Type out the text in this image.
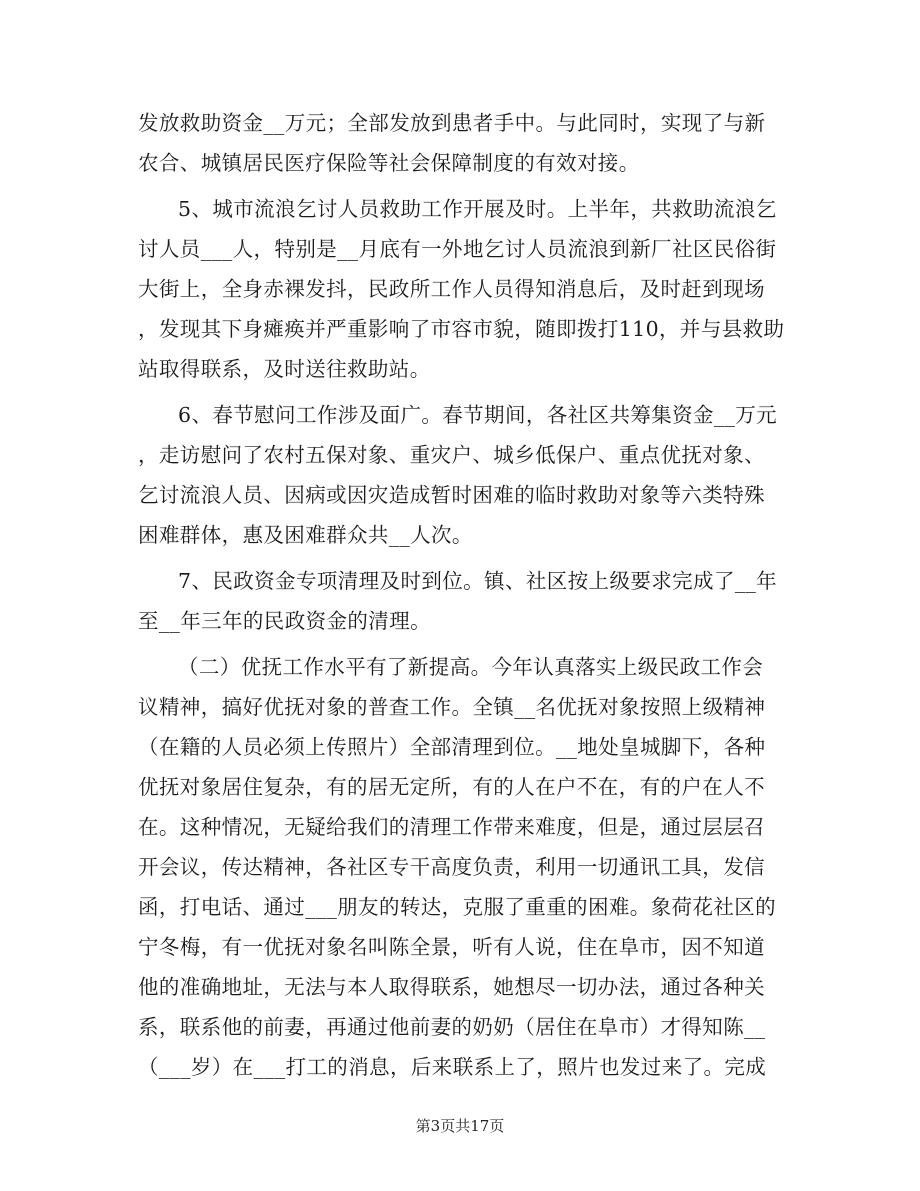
发放救助资金__万元；全部发放到患者手中。与此同时，实现了与新
农合、城镇居民医疗保险等社会保障制度的有效对接。
5、城市流浪乞讨人员救助工作开展及时。上半年，共救助流浪乞
讨人员___人，特别是__月底有一外地乞讨人员流浪到新厂社区民俗街
大街上，全身赤裸发抖，民政所工作人员得知消息后，及时赶到现场
，发现其下身瘫痪并严重影响了市容市貌，随即拨打110，并与县救助
站取得联系，及时送往救助站。
6、春节慰问工作涉及面广。春节期间，各社区共筹集资金__万元
，走访慰问了农村五保对象、重灾户、城乡低保户、重点优抚对象、
乞讨流浪人员、因病或因灾造成暂时困难的临时救助对象等六类特殊
困难群体，惠及困难群众共__人次。
7、民政资金专项清理及时到位。镇、社区按上级要求完成了__年
至__年三年的民政资金的清理。
（二）优抚工作水平有了新提高。今年认真落实上级民政工作会
议精神，搞好优抚对象的普查工作。全镇__名优抚对象按照上级精神
（在籍的人员必须上传照片）全部清理到位。__地处皇城脚下，各种
优抚对象居住复杂，有的居无定所，有的人在户不在，有的户在人不
在。这种情况，无疑给我们的清理工作带来难度，但是，通过层层召
开会议，传达精神，各社区专干高度负责，利用一切通讯工具，发信
函，打电话、通过___朋友的转达，克服了重重的困难。象荷花社区的
宁冬梅，有一优抚对象名叫陈全景，听有人说，住在阜市，因不知道
他的准确地址，无法与本人取得联系，她想尽一切办法，通过各种关
系，联系他的前妻，再通过他前妻的奶奶（居住在阜市）才得知陈__
（___岁）在___打工的消息，后来联系上了，照片也发过来了。完成
第3页共17页
